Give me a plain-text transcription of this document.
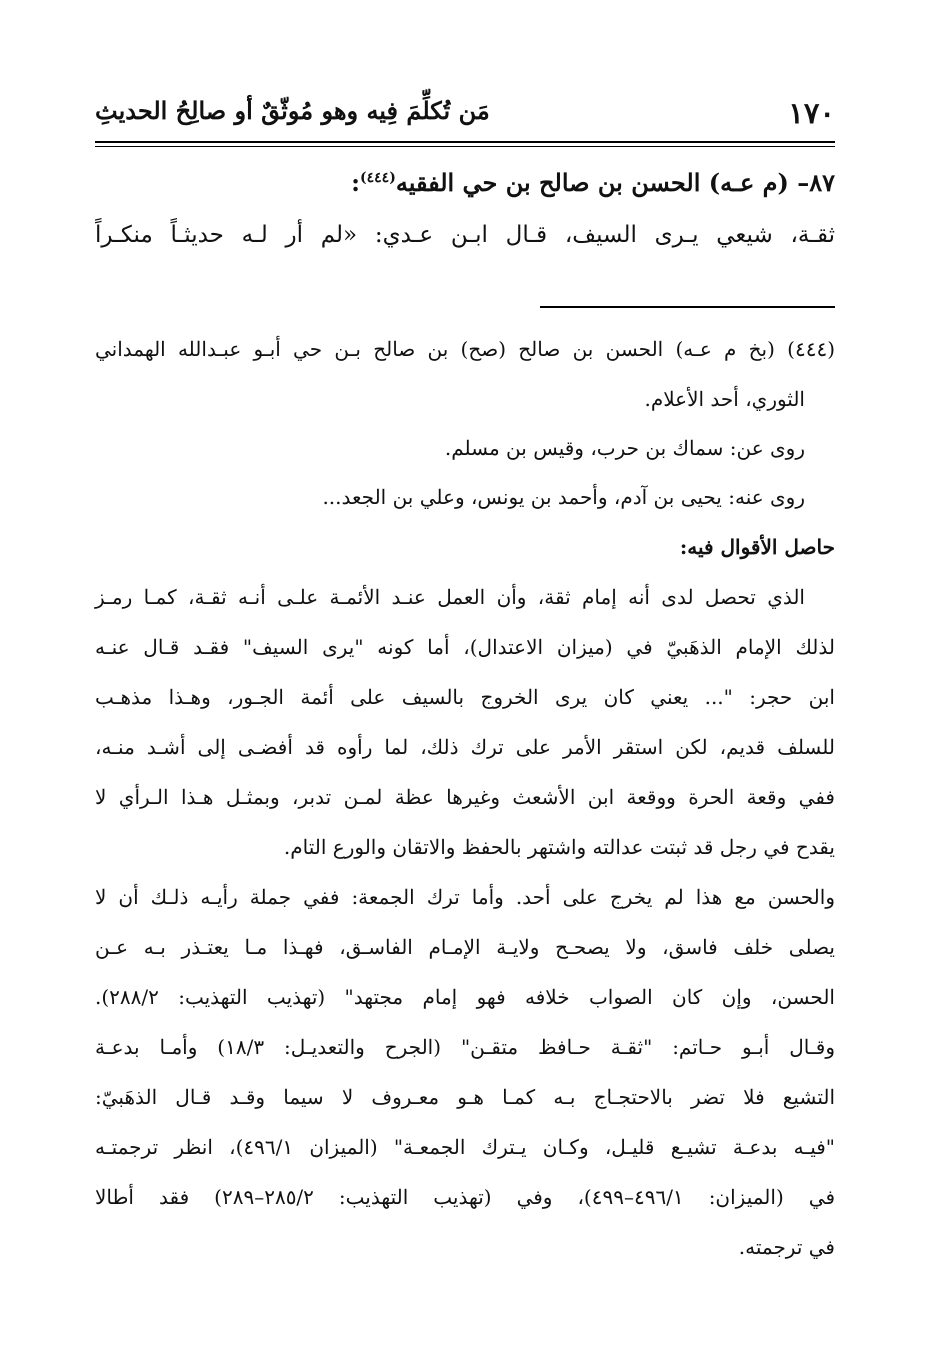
١٧٠
مَن تُكلِّمَ فِيه وهو مُوثّقٌ أو صالِحُ الحديثِ
٨٧– (م عـه) الحسن بن صالح بن حي الفقيه$^{(٤٤٤)}$:
ثقـة، شيعي يـرى السيف، قـال ابـن عـدي: «لم أر لـه حديثـاً منكـراً
(٤٤٤) (بخ م عـه) الحسن بن صالح (صح) بن صالح بـن حي أبـو عبـدالله الهمداني
الثوري، أحد الأعلام.
روى عن: سماك بن حرب، وقيس بن مسلم.
روى عنه: يحيى بن آدم، وأحمد بن يونس، وعلي بن الجعد...
حاصل الأقوال فيه:
الذي تحصل لدى أنه إمام ثقة، وأن العمل عنـد الأئمـة علـى أنـه ثقـة، كمـا رمـز
لذلك الإمام الذهَبيّ في (ميزان الاعتدال)، أما كونه "يرى السيف" فقـد قـال عنـه
ابن حجر: "... يعني كان يرى الخروج بالسيف على أئمة الجـور، وهـذا مذهـب
للسلف قديم، لكن استقر الأمر على ترك ذلك، لما رأوه قد أفضـى إلى أشـد منـه،
ففي وقعة الحرة ووقعة ابن الأشعث وغيرها عظة لمـن تدبر، وبمثـل هـذا الـرأي لا
يقدح في رجل قد ثبتت عدالته واشتهر بالحفظ والاتقان والورع التام.
والحسن مع هذا لم يخرج على أحد. وأما ترك الجمعة: ففي جملة رأيـه ذلـك أن لا
يصلى خلف فاسق، ولا يصحـح ولايـة الإمـام الفاسـق، فهـذا مـا يعتـذر بـه عـن
الحسن، وإن كان الصواب خلافه فهو إمام مجتهد" (تهذيب التهذيب: ٢٨٨/٢).
وقـال أبـو حـاتم: "ثقـة حـافظ متقـن" (الجرح والتعديـل: ١٨/٣) وأمـا بدعـة
التشيع فلا تضر بالاحتجـاج بـه كمـا هـو معـروف لا سيما وقـد قـال الذهَبيّ:
"فيـه بدعـة تشيـع قليـل، وكـان يـترك الجمعـة" (الميزان ٤٩٦/١)، انظر ترجمتـه
في (الميزان: ٤٩٦/١–٤٩٩)، وفي (تهذيب التهذيب: ٢٨٥/٢–٢٨٩) فقد أطالا
في ترجمته.
